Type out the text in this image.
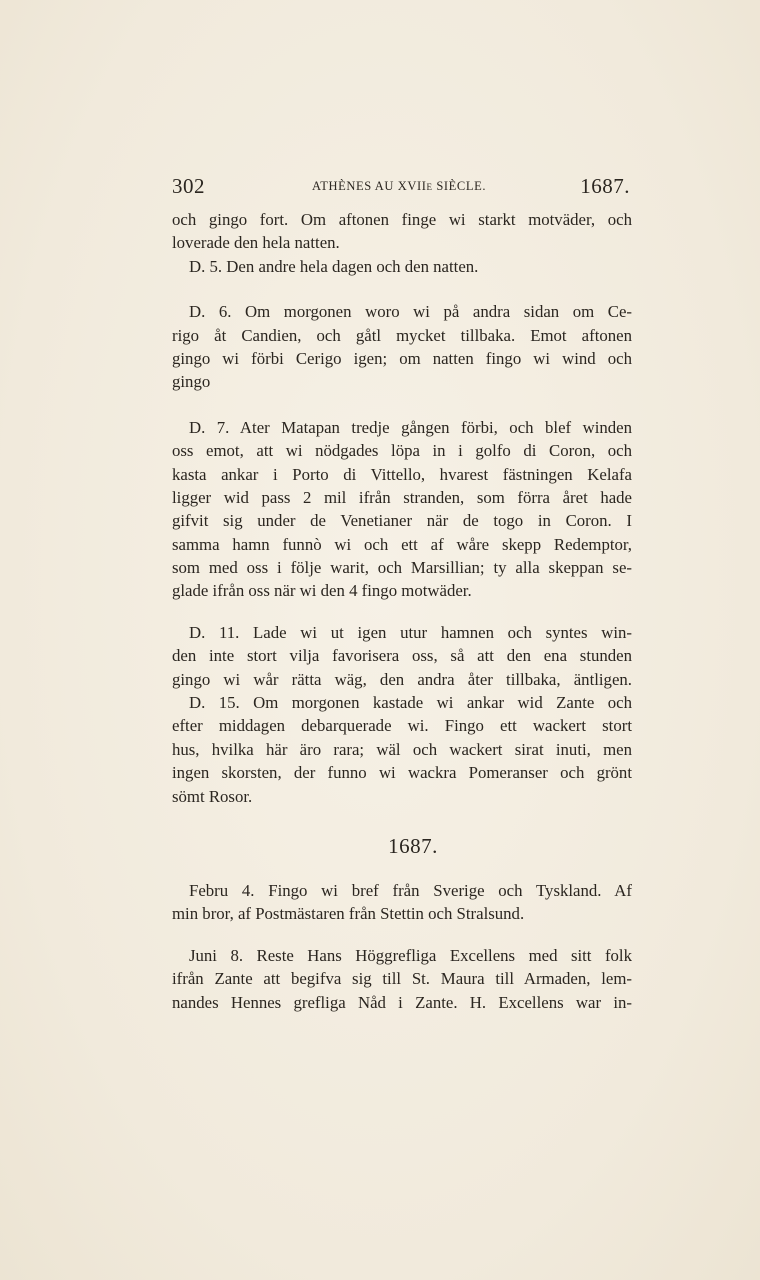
302	ATHÈNES AU XVIIe SIÈCLE.	1687.
och gingo fort. Om aftonen finge wi starkt motväder, och
loverade den hela natten.
D. 5. Den andre hela dagen och den natten.
D. 6. Om morgonen woro wi på andra sidan om Ce-
rigo åt Candien, och gåtl mycket tillbaka. Emot aftonen
gingo wi förbi Cerigo igen; om natten fingo wi wind och
gingo
D. 7. Ater Matapan tredje gången förbi, och blef winden
oss emot, att wi nödgades löpa in i golfo di Coron, och
kasta ankar i Porto di Vittello, hvarest fästningen Kelafa
ligger wid pass 2 mil ifrån stranden, som förra året hade
gifvit sig under de Venetianer när de togo in Coron. I
samma hamn funnò wi och ett af wåre skepp Redemptor,
som med oss i följe warit, och Marsillian; ty alla skeppan se-
glade ifrån oss när wi den 4 fingo motwäder.
D. 11. Lade wi ut igen utur hamnen och syntes win-
den inte stort vilja favorisera oss, så att den ena stunden
gingo wi wår rätta wäg, den andra åter tillbaka, äntligen.
D. 15. Om morgonen kastade wi ankar wid Zante och
efter middagen debarquerade wi. Fingo ett wackert stort
hus, hvilka här äro rara; wäl och wackert sirat inuti, men
ingen skorsten, der funno wi wackra Pomeranser och grönt
sömt Rosor.
1687.
Febru 4. Fingo wi bref från Sverige och Tyskland. Af
min bror, af Postmästaren från Stettin och Stralsund.
Juni 8. Reste Hans Höggrefliga Excellens med sitt folk
ifrån Zante att begifva sig till St. Maura till Armaden, lem-
nandes Hennes grefliga Nåd i Zante. H. Excellens war in-
